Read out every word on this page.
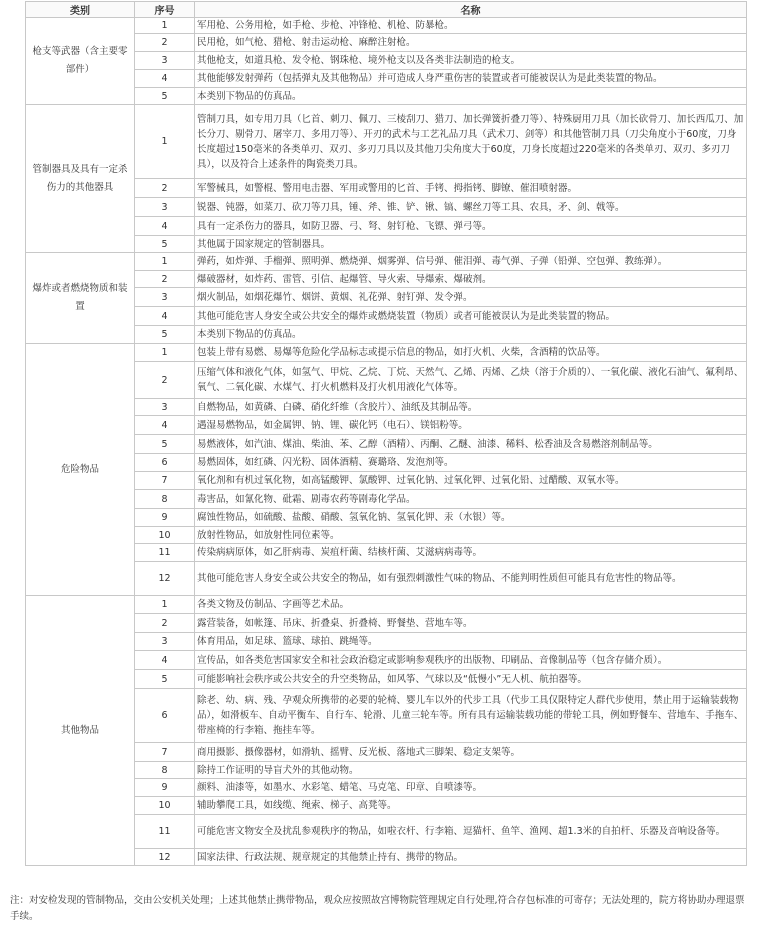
类别	序号	名称
枪支等武器（含主要零部件）	1	军用枪、公务用枪，如手枪、步枪、冲锋枪、机枪、防暴枪。
	2	民用枪，如气枪、猎枪、射击运动枪、麻醉注射枪。
	3	其他枪支，如道具枪、发令枪、钢珠枪、境外枪支以及各类非法制造的枪支。
	4	其他能够发射弹药（包括弹丸及其他物品）并可造成人身严重伤害的装置或者可能被误认为是此类装置的物品。
	5	本类别下物品的仿真品。
管制器具及具有一定杀伤力的其他器具	1	管制刀具，如专用刀具（匕首、刺刀、佩刀、三棱刮刀、猎刀、加长弹簧折叠刀等）、特殊厨用刀具（加长砍骨刀、加长西瓜刀、加长分刀、剔骨刀、屠宰刀、多用刀等）、开刃的武术与工艺礼品刀具（武术刀、剑等）和其他管制刀具（刀尖角度小于60度，刀身长度超过150毫米的各类单刃、双刃、多刃刀具以及其他刀尖角度大于60度，刀身长度超过220毫米的各类单刃、双刃、多刃刀具），以及符合上述条件的陶瓷类刀具。
	2	军警械具，如警棍、警用电击器、军用或警用的匕首、手铐、拇指铐、脚镣、催泪喷射器。
	3	锐器、钝器，如菜刀、砍刀等刀具，锤、斧、锥、铲、锹、镐、螺丝刀等工具、农具，矛、剑、戟等。
	4	具有一定杀伤力的器具，如防卫器、弓、弩、射钉枪、飞镖、弹弓等。
	5	其他属于国家规定的管制器具。
爆炸或者燃烧物质和装置	1	弹药，如炸弹、手榴弹、照明弹、燃烧弹、烟雾弹、信号弹、催泪弹、毒气弹、子弹（铅弹、空包弹、教练弹）。
	2	爆破器材，如炸药、雷管、引信、起爆管、导火索、导爆索、爆破剂。
	3	烟火制品，如烟花爆竹、烟饼、黄烟、礼花弹、射钉弹、发令弹。
	4	其他可能危害人身安全或公共安全的爆炸或燃烧装置（物质）或者可能被误认为是此类装置的物品。
	5	本类别下物品的仿真品。
危险物品	1	包装上带有易燃、易爆等危险化学品标志或提示信息的物品，如打火机、火柴，含酒精的饮品等。
	2	压缩气体和液化气体，如氢气、甲烷、乙烷、丁烷、天然气、乙烯、丙烯、乙炔（溶于介质的）、一氧化碳、液化石油气、氟利昂、氧气、二氧化碳、水煤气、打火机燃料及打火机用液化气体等。
	3	自燃物品，如黄磷、白磷、硝化纤维（含胶片）、油纸及其制品等。
	4	遇湿易燃物品，如金属钾、钠、锂、碳化钙（电石）、镁铝粉等。
	5	易燃液体，如汽油、煤油、柴油、苯、乙醇（酒精）、丙酮、乙醚、油漆、稀料、松香油及含易燃溶剂制品等。
	6	易燃固体，如红磷、闪光粉、固体酒精、赛璐珞、发泡剂等。
	7	氧化剂和有机过氧化物，如高锰酸钾、氯酸钾、过氧化钠、过氧化钾、过氧化铅、过醋酸、双氧水等。
	8	毒害品，如氰化物、砒霜、剧毒农药等剧毒化学品。
	9	腐蚀性物品，如硫酸、盐酸、硝酸、氢氧化钠、氢氧化钾、汞（水银）等。
	10	放射性物品，如放射性同位素等。
	11	传染病病原体，如乙肝病毒、炭疽杆菌、结核杆菌、艾滋病病毒等。
	12	其他可能危害人身安全或公共安全的物品，如有强烈刺激性气味的物品、不能判明性质但可能具有危害性的物品等。
其他物品	1	各类文物及仿制品、字画等艺术品。
	2	露营装备，如帐篷、吊床、折叠桌、折叠椅、野餐垫、营地车等。
	3	体育用品，如足球、篮球、球拍、跳绳等。
	4	宣传品，如各类危害国家安全和社会政治稳定或影响参观秩序的出版物、印刷品、音像制品等（包含存储介质）。
	5	可能影响社会秩序或公共安全的升空类物品，如风筝、气球以及“低慢小”无人机、航拍器等。
	6	除老、幼、病、残、孕观众所携带的必要的轮椅、婴儿车以外的代步工具（代步工具仅限特定人群代步使用，禁止用于运输装载物品），如滑板车、自动平衡车、自行车、轮滑、儿童三轮车等。所有具有运输装载功能的带轮工具，例如野餐车、营地车、手拖车、带座椅的行李箱、拖挂车等。
	7	商用摄影、摄像器材，如滑轨、摇臂、反光板、落地式三脚架、稳定支架等。
	8	除持工作证明的导盲犬外的其他动物。
	9	颜料、油漆等，如墨水、水彩笔、蜡笔、马克笔、印章、自喷漆等。
	10	辅助攀爬工具，如线缆、绳索、梯子、高凳等。
	11	可能危害文物安全及扰乱参观秩序的物品，如啦衣杆、行李箱、逗猫杆、鱼竿、渔网、超1.3米的自拍杆、乐器及音响设备等。
	12	国家法律、行政法规、规章规定的其他禁止持有、携带的物品。
注：对安检发现的管制物品，交由公安机关处理；上述其他禁止携带物品，观众应按照故宫博物院管理规定自行处理,符合存包标准的可寄存；无法处理的，院方将协助办理退票手续。
